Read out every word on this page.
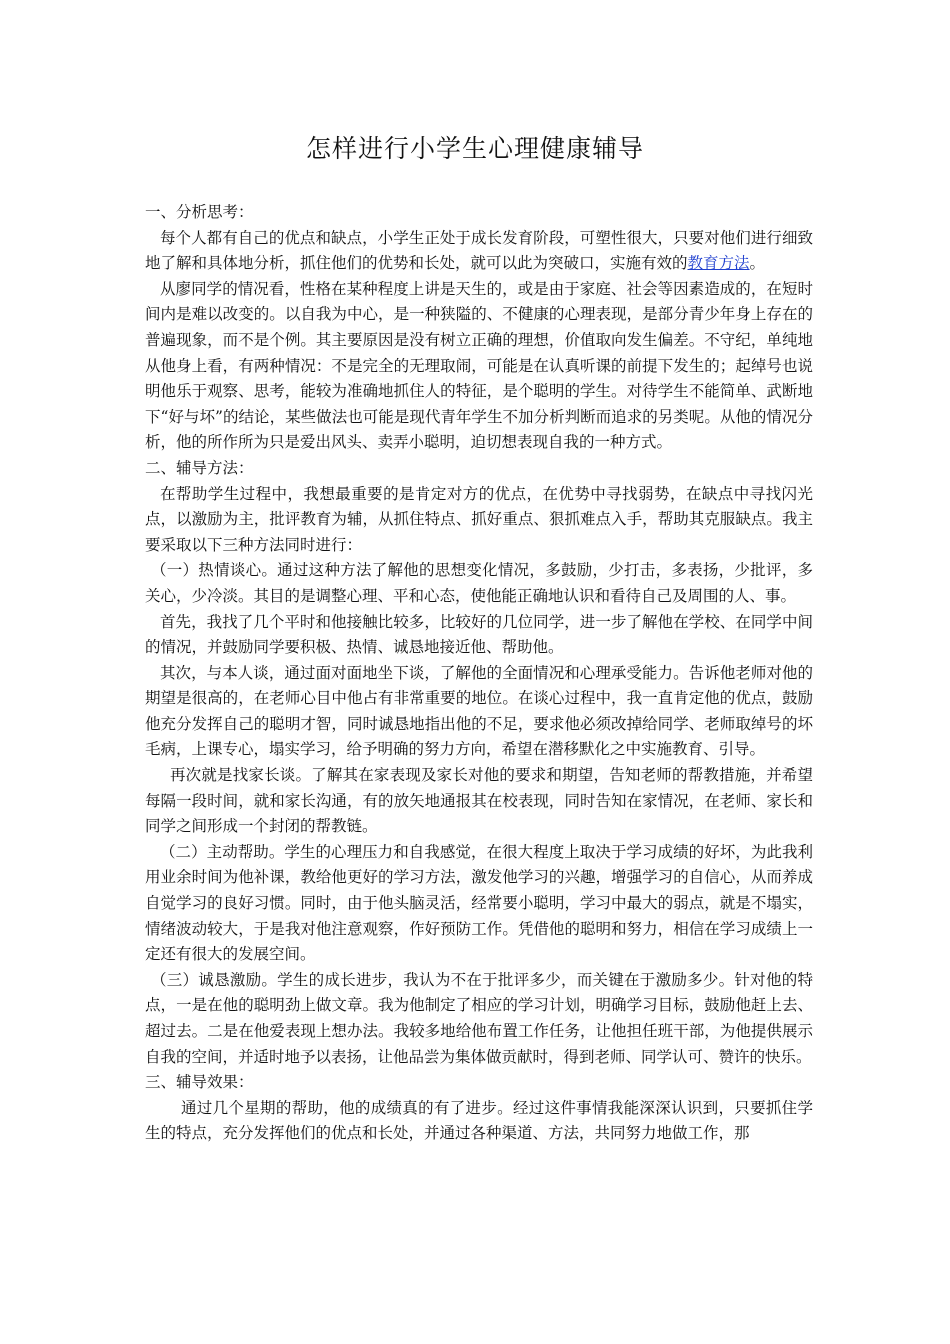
怎样进行小学生心理健康辅导

一、分析思考：

每个人都有自己的优点和缺点，小学生正处于成长发育阶段，可塑性很大，只要对他们进行细致地了解和具体地分析，抓住他们的优势和长处，就可以此为突破口，实施有效的教育方法。

从廖同学的情况看，性格在某种程度上讲是天生的，或是由于家庭、社会等因素造成的，在短时间内是难以改变的。以自我为中心，是一种狭隘的、不健康的心理表现，是部分青少年身上存在的普遍现象，而不是个例。其主要原因是没有树立正确的理想，价值取向发生偏差。不守纪，单纯地从他身上看，有两种情况：不是完全的无理取闹，可能是在认真听课的前提下发生的；起绰号也说明他乐于观察、思考，能较为准确地抓住人的特征，是个聪明的学生。对待学生不能简单、武断地下“好与坏”的结论，某些做法也可能是现代青年学生不加分析判断而追求的另类呢。从他的情况分析，他的所作所为只是爱出风头、卖弄小聪明，迫切想表现自我的一种方式。

二、辅导方法：

在帮助学生过程中，我想最重要的是肯定对方的优点，在优势中寻找弱势，在缺点中寻找闪光点，以激励为主，批评教育为辅，从抓住特点、抓好重点、狠抓难点入手，帮助其克服缺点。我主要采取以下三种方法同时进行：

（一）热情谈心。通过这种方法了解他的思想变化情况，多鼓励，少打击，多表扬，少批评，多关心，少冷淡。其目的是调整心理、平和心态，使他能正确地认识和看待自己及周围的人、事。

首先，我找了几个平时和他接触比较多，比较好的几位同学，进一步了解他在学校、在同学中间的情况，并鼓励同学要积极、热情、诚恳地接近他、帮助他。

其次，与本人谈，通过面对面地坐下谈，了解他的全面情况和心理承受能力。告诉他老师对他的期望是很高的，在老师心目中他占有非常重要的地位。在谈心过程中，我一直肯定他的优点，鼓励他充分发挥自己的聪明才智，同时诚恳地指出他的不足，要求他必须改掉给同学、老师取绰号的坏毛病，上课专心，塌实学习，给予明确的努力方向，希望在潜移默化之中实施教育、引导。

再次就是找家长谈。了解其在家表现及家长对他的要求和期望，告知老师的帮教措施，并希望每隔一段时间，就和家长沟通，有的放矢地通报其在校表现，同时告知在家情况，在老师、家长和同学之间形成一个封闭的帮教链。

（二）主动帮助。学生的心理压力和自我感觉，在很大程度上取决于学习成绩的好坏，为此我利用业余时间为他补课，教给他更好的学习方法，激发他学习的兴趣，增强学习的自信心，从而养成自觉学习的良好习惯。同时，由于他头脑灵活，经常要小聪明，学习中最大的弱点，就是不塌实，情绪波动较大，于是我对他注意观察，作好预防工作。凭借他的聪明和努力，相信在学习成绩上一定还有很大的发展空间。

（三）诚恳激励。学生的成长进步，我认为不在于批评多少，而关键在于激励多少。针对他的特点，一是在他的聪明劲上做文章。我为他制定了相应的学习计划，明确学习目标，鼓励他赶上去、超过去。二是在他爱表现上想办法。我较多地给他布置工作任务，让他担任班干部，为他提供展示自我的空间，并适时地予以表扬，让他品尝为集体做贡献时，得到老师、同学认可、赞许的快乐。

三、辅导效果：

通过几个星期的帮助，他的成绩真的有了进步。经过这件事情我能深深认识到，只要抓住学生的特点，充分发挥他们的优点和长处，并通过各种渠道、方法，共同努力地做工作，那
